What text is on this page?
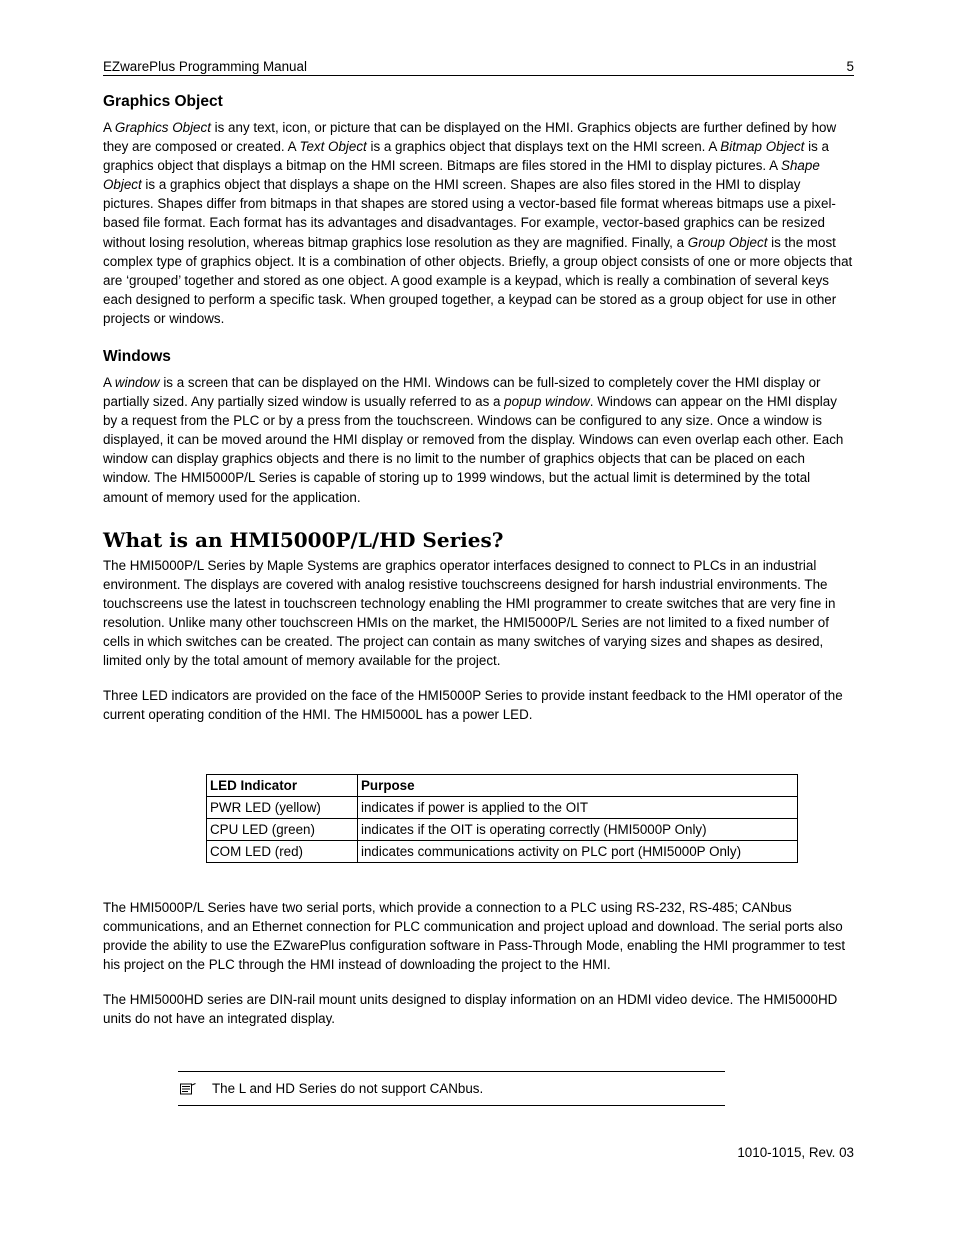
EZwarePlus Programming Manual	5
Graphics Object
A Graphics Object is any text, icon, or picture that can be displayed on the HMI. Graphics objects are further defined by how they are composed or created. A Text Object is a graphics object that displays text on the HMI screen. A Bitmap Object is a graphics object that displays a bitmap on the HMI screen. Bitmaps are files stored in the HMI to display pictures. A Shape Object is a graphics object that displays a shape on the HMI screen. Shapes are also files stored in the HMI to display pictures. Shapes differ from bitmaps in that shapes are stored using a vector-based file format whereas bitmaps use a pixel-based file format. Each format has its advantages and disadvantages. For example, vector-based graphics can be resized without losing resolution, whereas bitmap graphics lose resolution as they are magnified. Finally, a Group Object is the most complex type of graphics object. It is a combination of other objects. Briefly, a group object consists of one or more objects that are ‘grouped’ together and stored as one object. A good example is a keypad, which is really a combination of several keys each designed to perform a specific task. When grouped together, a keypad can be stored as a group object for use in other projects or windows.
Windows
A window is a screen that can be displayed on the HMI. Windows can be full-sized to completely cover the HMI display or partially sized. Any partially sized window is usually referred to as a popup window. Windows can appear on the HMI display by a request from the PLC or by a press from the touchscreen. Windows can be configured to any size. Once a window is displayed, it can be moved around the HMI display or removed from the display. Windows can even overlap each other. Each window can display graphics objects and there is no limit to the number of graphics objects that can be placed on each window. The HMI5000P/L Series is capable of storing up to 1999 windows, but the actual limit is determined by the total amount of memory used for the application.
What is an HMI5000P/L/HD Series?
The HMI5000P/L Series by Maple Systems are graphics operator interfaces designed to connect to PLCs in an industrial environment. The displays are covered with analog resistive touchscreens designed for harsh industrial environments. The touchscreens use the latest in touchscreen technology enabling the HMI programmer to create switches that are very fine in resolution. Unlike many other touchscreen HMIs on the market, the HMI5000P/L Series are not limited to a fixed number of cells in which switches can be created. The project can contain as many switches of varying sizes and shapes as desired, limited only by the total amount of memory available for the project.
Three LED indicators are provided on the face of the HMI5000P Series to provide instant feedback to the HMI operator of the current operating condition of the HMI. The HMI5000L has a power LED.
LED Indicator	Purpose
PWR LED (yellow)	indicates if power is applied to the OIT
CPU LED (green)	indicates if the OIT is operating correctly (HMI5000P Only)
COM LED (red)	indicates communications activity on PLC port (HMI5000P Only)
The HMI5000P/L Series have two serial ports, which provide a connection to a PLC using RS-232, RS-485; CANbus communications, and an Ethernet connection for PLC communication and project upload and download. The serial ports also provide the ability to use the EZwarePlus configuration software in Pass-Through Mode, enabling the HMI programmer to test his project on the PLC through the HMI instead of downloading the project to the HMI.
The HMI5000HD series are DIN-rail mount units designed to display information on an HDMI video device. The HMI5000HD units do not have an integrated display.
The L and HD Series do not support CANbus.
1010-1015, Rev. 03
